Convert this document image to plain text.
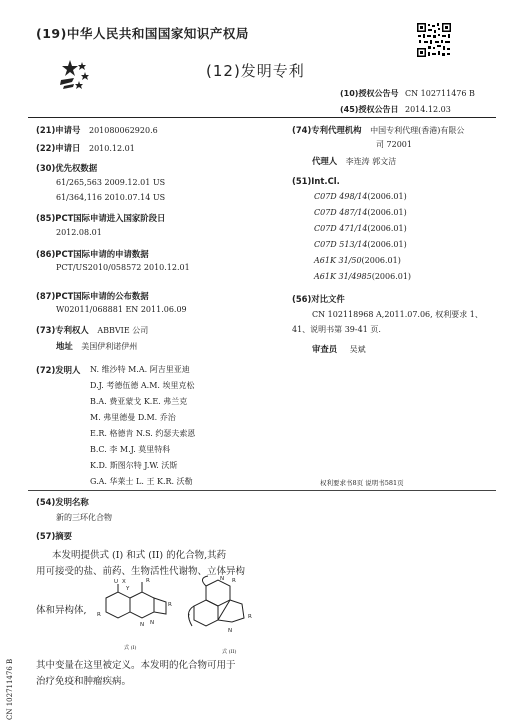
(19)中华人民共和国国家知识产权局
(12)发明专利
(10)授权公告号 CN 102711476 B
(45)授权公告日 2014.12.03
(21)申请号 201080062920.6
(22)申请日 2010.12.01
(30)优先权数据
61/265,563 2009.12.01 US
61/364,116 2010.07.14 US
(85)PCT国际申请进入国家阶段日
2012.08.01
(86)PCT国际申请的申请数据
PCT/US2010/058572 2010.12.01
(87)PCT国际申请的公布数据
W02011/068881 EN 2011.06.09
(73)专利权人 ABBVIE 公司
地址 美国伊利诺伊州
(72)发明人 N. 维沙特 M.A. 阿吉里亚迪
D.J. 考德伍德 A.M. 埃里克松
B.A. 费亚蒙戈 K.E. 弗兰克
M. 弗里德曼 D.M. 乔治
E.R. 格德肯 N.S. 约瑟夫索恩
B.C. 李 M.J. 莫里特科
K.D. 斯图尔特 J.W. 沃斯
G.A. 华莱士 L. 王 K.R. 沃勒
(74)专利代理机构 中国专利代理(香港)有限公
司 72001
代理人 李连涛 郭文洁
(51)Int.Cl.
C07D 498/14(2006.01)
C07D 487/14(2006.01)
C07D 471/14(2006.01)
C07D 513/14(2006.01)
A61K 31/50(2006.01)
A61K 31/4985(2006.01)
(56)对比文件
CN 102118968 A,2011.07.06, 权利要求 1、
41、说明书第 39-41 页.
审查员 吴斌
权利要求书8页 说明书581页
(54)发明名称
新的三环化合物
(57)摘要
本发明提供式 (I) 和式 (II) 的化合物,其药
用可接受的盐、前药、生物活性代谢物、立体异构
体和异构体,
U X
Y
R
R
R
N
N
式 (I)
N R
R
N
(
式 (II)
其中变量在这里被定义。本发明的化合物可用于
治疗免疫和肿瘤疾病。
CN 102711476 B
